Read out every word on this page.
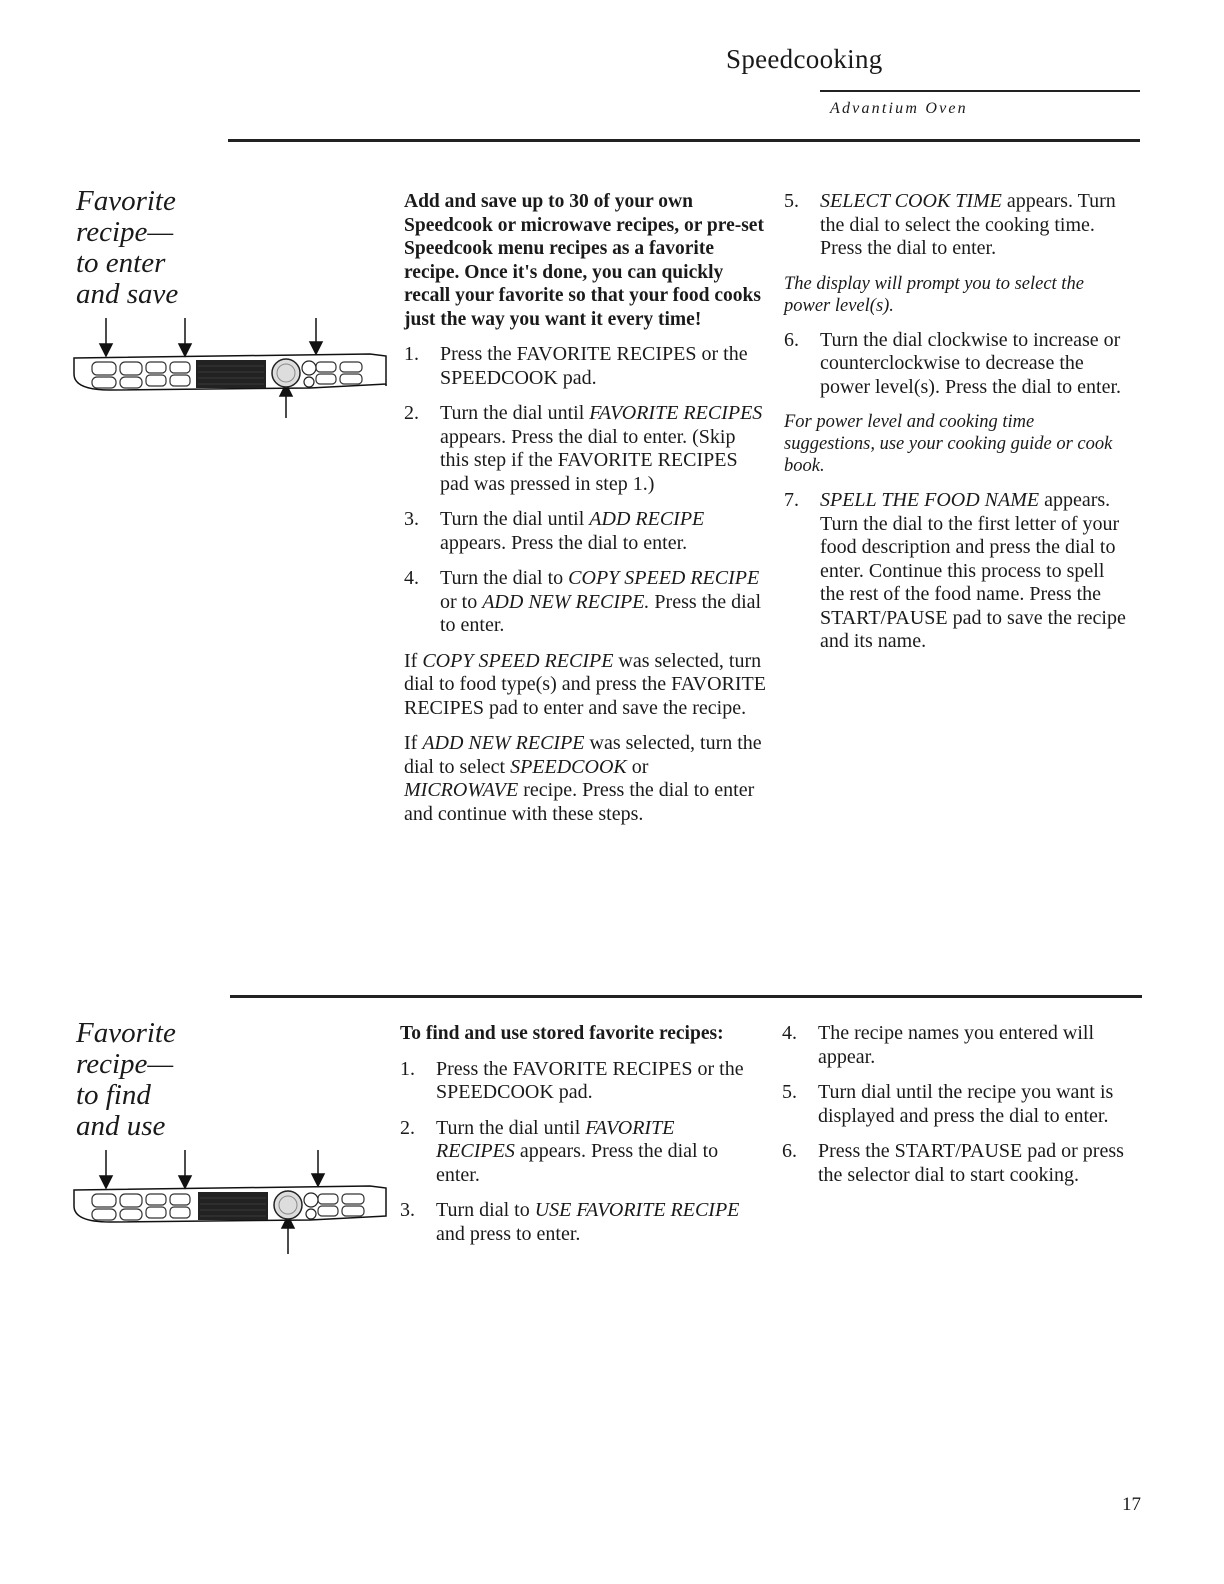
Speedcooking
Advantium Oven
Favorite
recipe—
to enter
and save

Add and save up to 30 of your own Speedcook or microwave recipes, or pre-set Speedcook menu recipes as a favorite recipe. Once it's done, you can quickly recall your favorite so that your food cooks just the way you want it every time!

1.	Press the FAVORITE RECIPES or the SPEEDCOOK pad.
2.	Turn the dial until FAVORITE RECIPES appears. Press the dial to enter. (Skip this step if the FAVORITE RECIPES pad was pressed in step 1.)
3.	Turn the dial until ADD RECIPE appears. Press the dial to enter.
4.	Turn the dial to COPY SPEED RECIPE or to ADD NEW RECIPE. Press the dial to enter.

If COPY SPEED RECIPE was selected, turn dial to food type(s) and press the FAVORITE RECIPES pad to enter and save the recipe.

If ADD NEW RECIPE was selected, turn the dial to select SPEEDCOOK or MICROWAVE recipe. Press the dial to enter and continue with these steps.

5.	SELECT COOK TIME appears. Turn the dial to select the cooking time. Press the dial to enter.

The display will prompt you to select the power level(s).

6.	Turn the dial clockwise to increase or counterclockwise to decrease the power level(s). Press the dial to enter.

For power level and cooking time suggestions, use your cooking guide or cook book.

7.	SPELL THE FOOD NAME appears. Turn the dial to the first letter of your food description and press the dial to enter. Continue this process to spell the rest of the food name. Press the START/PAUSE pad to save the recipe and its name.
Favorite
recipe—
to find
and use

To find and use stored favorite recipes:

1.	Press the FAVORITE RECIPES or the SPEEDCOOK pad.
2.	Turn the dial until FAVORITE RECIPES appears. Press the dial to enter.
3.	Turn dial to USE FAVORITE RECIPE and press to enter.
4.	The recipe names you entered will appear.
5.	Turn dial until the recipe you want is displayed and press the dial to enter.
6.	Press the START/PAUSE pad or press the selector dial to start cooking.
17
